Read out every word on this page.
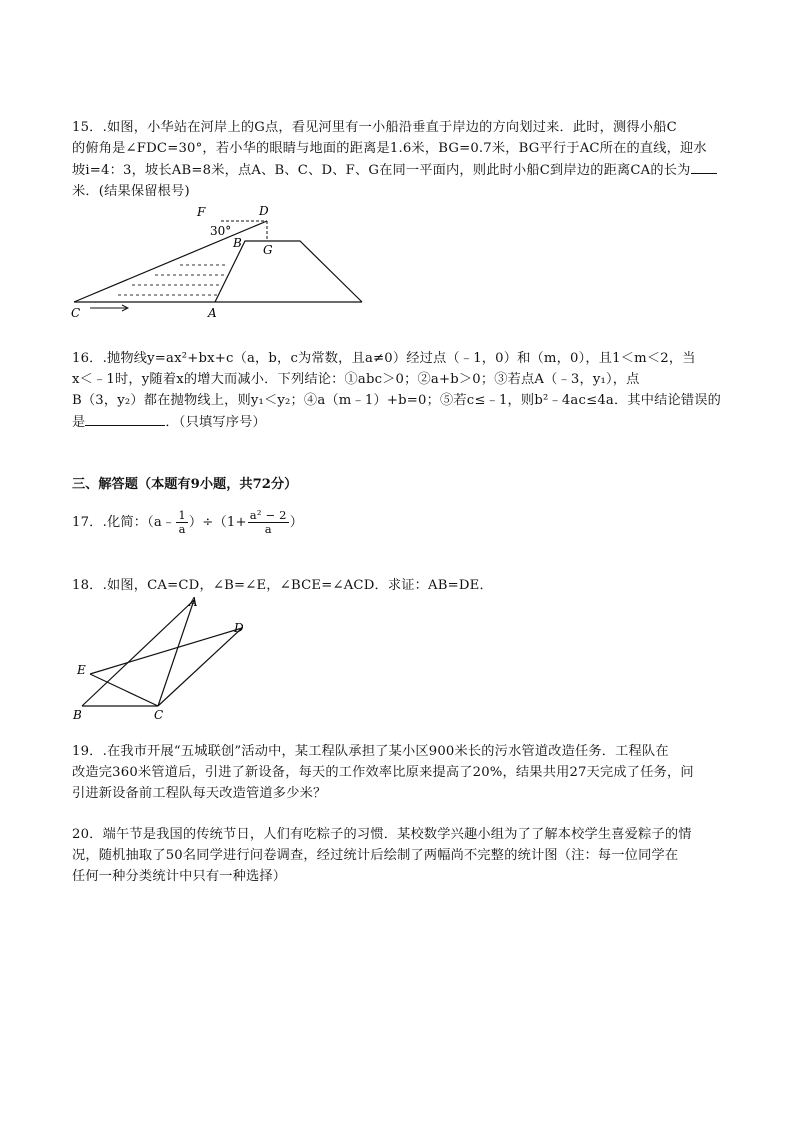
15．.如图，小华站在河岸上的G点，看见河里有一小船沿垂直于岸边的方向划过来．此时，测得小船C

的俯角是∠FDC=30°，若小华的眼睛与地面的距离是1.6米，BG=0.7米，BG平行于AC所在的直线，迎水

坡i=4：3，坡长AB=8米，点A、B、C、D、F、G在同一平面内，则此时小船C到岸边的距离CA的长为

米．(结果保留根号)

F	D
30°
B G
C	A

16．.抛物线y=ax²+bx+c（a，b，c为常数，且a≠0）经过点（﹣1，0）和（m，0），且1＜m＜2，当

x＜﹣1时，y随着x的增大而减小．下列结论：①abc＞0；②a+b＞0；③若点A（﹣3，y₁），点

B（3，y₂）都在抛物线上，则y₁＜y₂；④a（m﹣1）+b=0；⑤若c≤﹣1，则b²﹣4ac≤4a．其中结论错误的

是	．（只填写序号）

三、解答题（本题有9小题，共72分）

17．.化简：（a﹣ $\frac{1}{a} )\div(1+ \frac{\text{a² − 2}}{a}$ ）

18．.如图，CA=CD，∠B=∠E，∠BCE=∠ACD．求证：AB=DE．

A
D
E
B	C

19．.在我市开展“五城联创”活动中，某工程队承担了某小区900米长的污水管道改造任务．工程队在

改造完360米管道后，引进了新设备，每天的工作效率比原来提高了20%，结果共用27天完成了任务，问

引进新设备前工程队每天改造管道多少米？

20．端午节是我国的传统节日，人们有吃粽子的习惯．某校数学兴趣小组为了了解本校学生喜爱粽子的情

况，随机抽取了50名同学进行问卷调查，经过统计后绘制了两幅尚不完整的统计图（注：每一位同学在

任何一种分类统计中只有一种选择）
